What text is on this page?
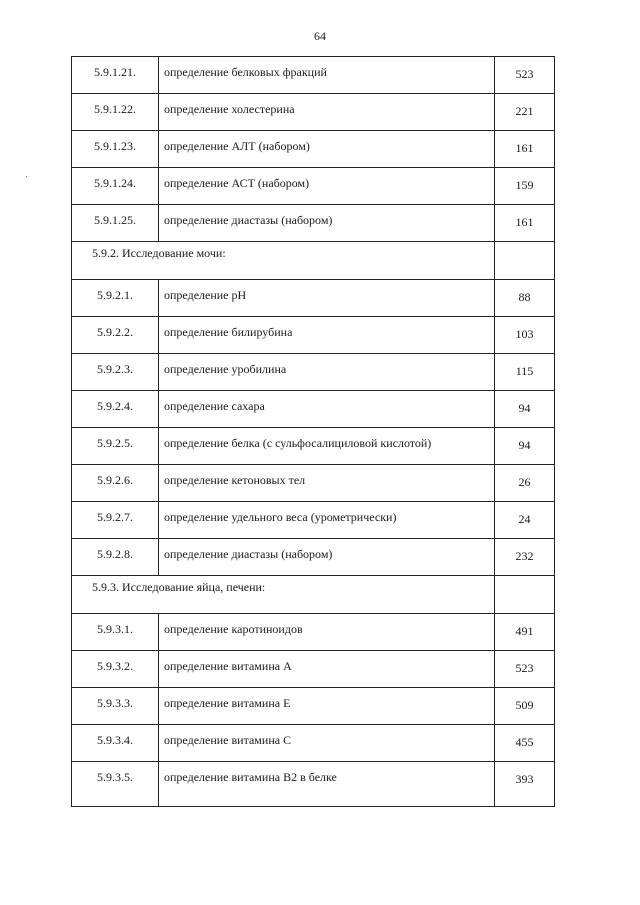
64
5.9.1.21.	определение белковых фракций	523
5.9.1.22.	определение холестерина	221
5.9.1.23.	определение АЛТ (набором)	161
5.9.1.24.	определение АСТ (набором)	159
5.9.1.25.	определение диастазы (набором)	161
5.9.2. Исследование мочи:		
5.9.2.1.	определение рН	88
5.9.2.2.	определение билирубина	103
5.9.2.3.	определение уробилина	115
5.9.2.4.	определение сахара	94
5.9.2.5.	определение белка (с сульфосалициловой кислотой)	94
5.9.2.6.	определение кетоновых тел	26
5.9.2.7.	определение удельного веса (урометрически)	24
5.9.2.8.	определение диастазы (набором)	232
5.9.3. Исследование яйца, печени:		
5.9.3.1.	определение каротиноидов	491
5.9.3.2.	определение витамина А	523
5.9.3.3.	определение витамина Е	509
5.9.3.4.	определение витамина С	455
5.9.3.5.	определение витамина В2 в белке	393
